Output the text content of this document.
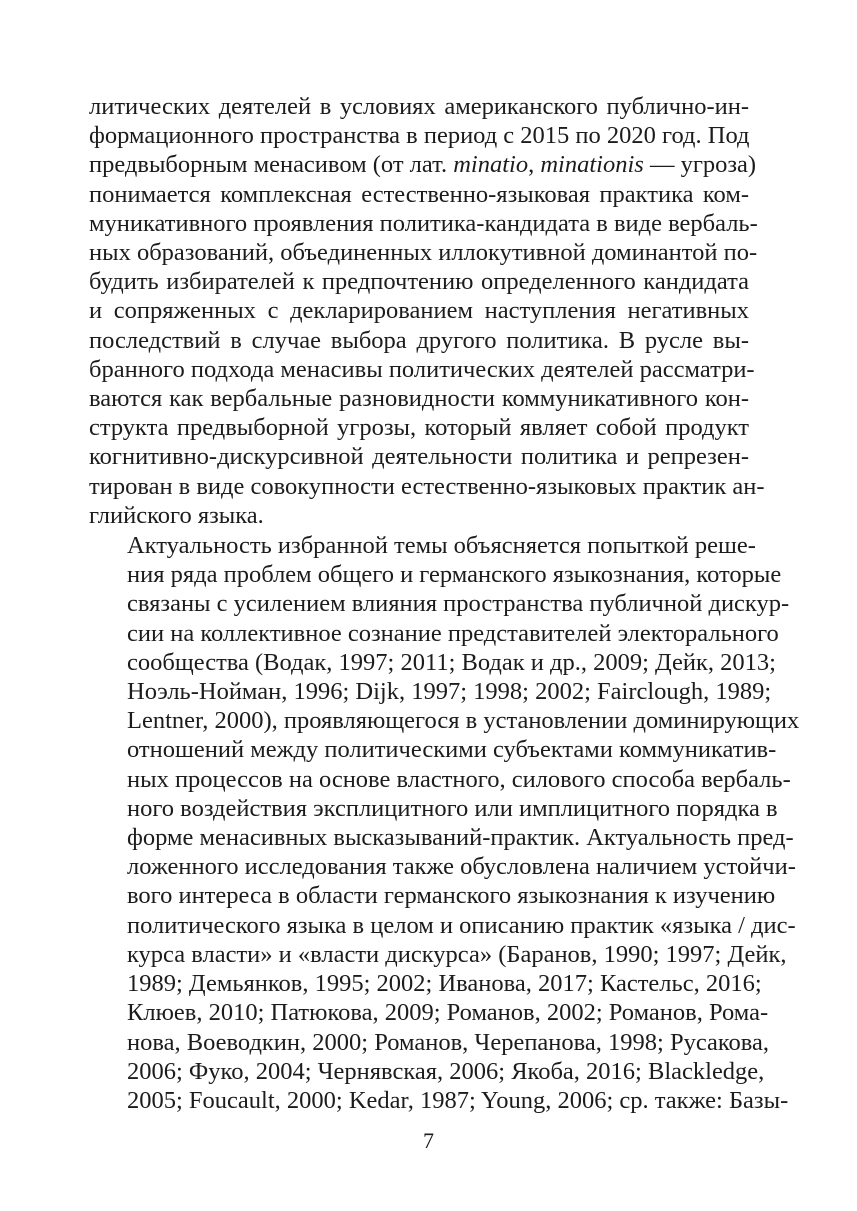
литических деятелей в условиях американского публично-ин-
формационного пространства в период с 2015 по 2020 год. Под
предвыборным менасивом (от лат. minatio, minationis — угроза)
понимается комплексная естественно-языковая практика ком-
муникативного проявления политика-кандидата в виде вербаль-
ных образований, объединенных иллокутивной доминантой по-
будить избирателей к предпочтению определенного кандидата
и сопряженных с декларированием наступления негативных
последствий в случае выбора другого политика. В русле вы-
бранного подхода менасивы политических деятелей рассматри-
ваются как вербальные разновидности коммуникативного кон-
структа предвыборной угрозы, который являет собой продукт
когнитивно-дискурсивной деятельности политика и репрезен-
тирован в виде совокупности естественно-языковых практик ан-
глийского языка.

Актуальность избранной темы объясняется попыткой реше-
ния ряда проблем общего и германского языкознания, которые
связаны с усилением влияния пространства публичной дискур-
сии на коллективное сознание представителей электорального
сообщества (Водак, 1997; 2011; Водак и др., 2009; Дейк, 2013;
Ноэль-Нойман, 1996; Dijk, 1997; 1998; 2002; Fairclough, 1989;
Lentner, 2000), проявляющегося в установлении доминирующих
отношений между политическими субъектами коммуникатив-
ных процессов на основе властного, силового способа вербаль-
ного воздействия эксплицитного или имплицитного порядка в
форме менасивных высказываний-практик. Актуальность пред-
ложенного исследования также обусловлена наличием устойчи-
вого интереса в области германского языкознания к изучению
политического языка в целом и описанию практик «языка / дис-
курса власти» и «власти дискурса» (Баранов, 1990; 1997; Дейк,
1989; Демьянков, 1995; 2002; Иванова, 2017; Кастельс, 2016;
Клюев, 2010; Патюкова, 2009; Романов, 2002; Романов, Рома-
нова, Воеводкин, 2000; Романов, Черепанова, 1998; Русакова,
2006; Фуко, 2004; Чернявская, 2006; Якоба, 2016; Blackledge,
2005; Foucault, 2000; Kedar, 1987; Young, 2006; ср. также: Базы-

7
